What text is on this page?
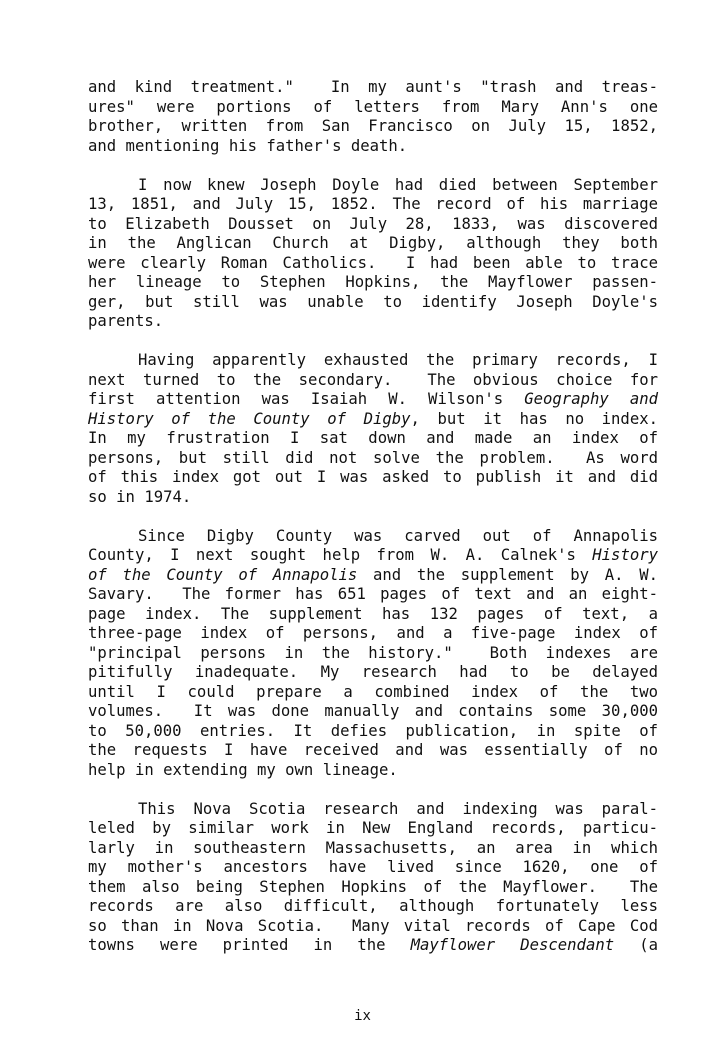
and kind treatment."  In my aunt's "trash and treas-
ures" were portions of letters from Mary Ann's one
brother, written from San Francisco on July 15, 1852,
and mentioning his father's death.
I now knew Joseph Doyle had died between September
13, 1851, and July 15, 1852. The record of his marriage
to Elizabeth Dousset on July 28, 1833, was discovered
in the Anglican Church at Digby, although they both
were clearly Roman Catholics.  I had been able to trace
her lineage to Stephen Hopkins, the Mayflower passen-
ger, but still was unable to identify Joseph Doyle's
parents.
Having apparently exhausted the primary records, I
next turned to the secondary.  The obvious choice for
first attention was Isaiah W. Wilson's Geography and
History of the County of Digby, but it has no index.
In my frustration I sat down and made an index of
persons, but still did not solve the problem.  As word
of this index got out I was asked to publish it and did
so in 1974.
Since Digby County was carved out of Annapolis
County, I next sought help from W. A. Calnek's History
of the County of Annapolis and the supplement by A. W.
Savary.  The former has 651 pages of text and an eight-
page index. The supplement has 132 pages of text, a
three-page index of persons, and a five-page index of
"principal persons in the history."  Both indexes are
pitifully inadequate. My research had to be delayed
until I could prepare a combined index of the two
volumes.  It was done manually and contains some 30,000
to 50,000 entries. It defies publication, in spite of
the requests I have received and was essentially of no
help in extending my own lineage.
This Nova Scotia research and indexing was paral-
leled by similar work in New England records, particu-
larly in southeastern Massachusetts, an area in which
my mother's ancestors have lived since 1620, one of
them also being Stephen Hopkins of the Mayflower.  The
records are also difficult, although fortunately less
so than in Nova Scotia.  Many vital records of Cape Cod
towns were printed in the Mayflower Descendant (a
ix
